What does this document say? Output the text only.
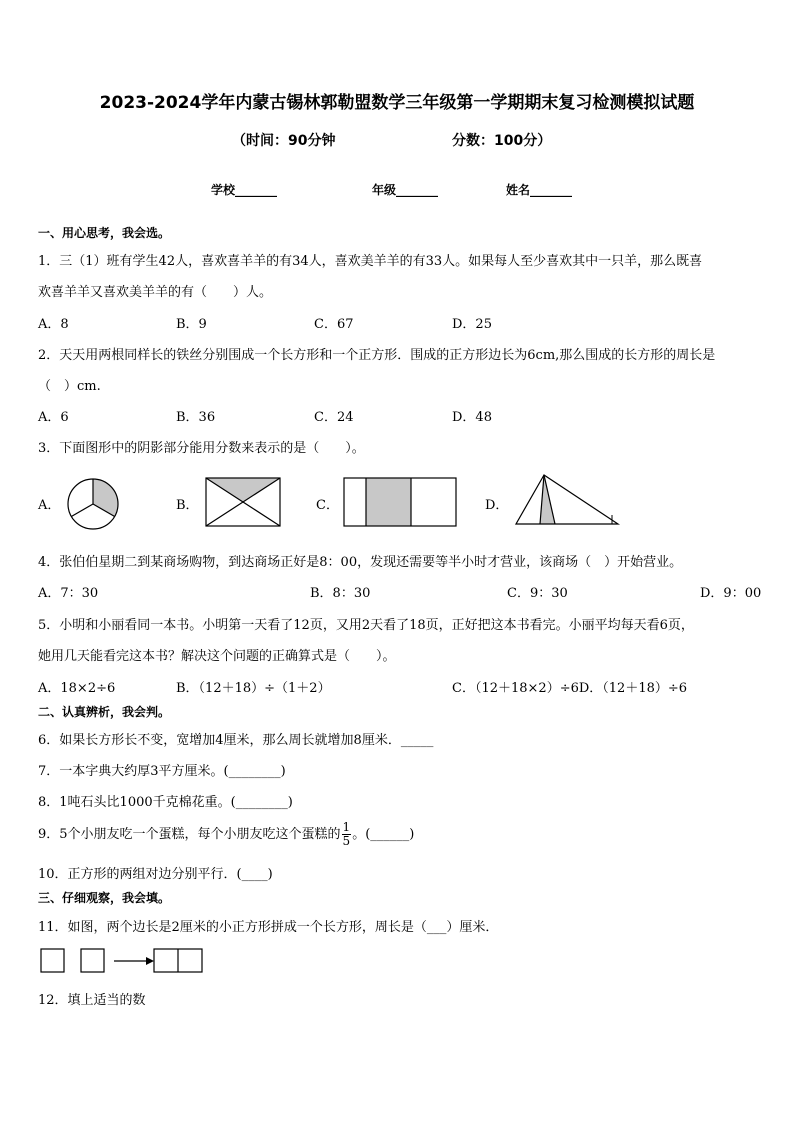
2023-2024学年内蒙古锡林郭勒盟数学三年级第一学期期末复习检测模拟试题
（时间：90分钟	分数：100分）
学校_______	年级_______	姓名_______
一、用心思考，我会选。
1．三（1）班有学生42人，喜欢喜羊羊的有34人，喜欢美羊羊的有33人。如果每人至少喜欢其中一只羊，那么既喜
欢喜羊羊又喜欢美羊羊的有（　　）人。
A．8	B．9	C．67	D．25
2．天天用两根同样长的铁丝分别围成一个长方形和一个正方形．围成的正方形边长为6cm,那么围成的长方形的周长是
（　）cm.
A．6	B．36	C．24	D．48
3．下面图形中的阴影部分能用分数来表示的是（　　）。
A．	B．	C．	D．
4．张伯伯星期二到某商场购物，到达商场正好是8：00，发现还需要等半小时才营业，该商场（　）开始营业。
A．7：30	B．8：30	C．9：30	D．9：00
5．小明和小丽看同一本书。小明第一天看了12页，又用2天看了18页，正好把这本书看完。小丽平均每天看6页，
她用几天能看完这本书？解决这个问题的正确算式是（　　）。
A．18×2÷6	B．（12＋18）÷（1＋2）	C．（12＋18×2）÷6D．（12＋18）÷6
二、认真辨析，我会判。
6．如果长方形长不变，宽增加4厘米，那么周长就增加8厘米．_____
7．一本字典大约厚3平方厘米。(________)
8．1吨石头比1000千克棉花重。(________)
9．5个小朋友吃一个蛋糕，每个小朋友吃这个蛋糕的 $\frac{1}{5}$ 。(______)
10．正方形的两组对边分别平行．(____)
三、仔细观察，我会填。
11．如图，两个边长是2厘米的小正方形拼成一个长方形，周长是（___）厘米．
12．填上适当的数
